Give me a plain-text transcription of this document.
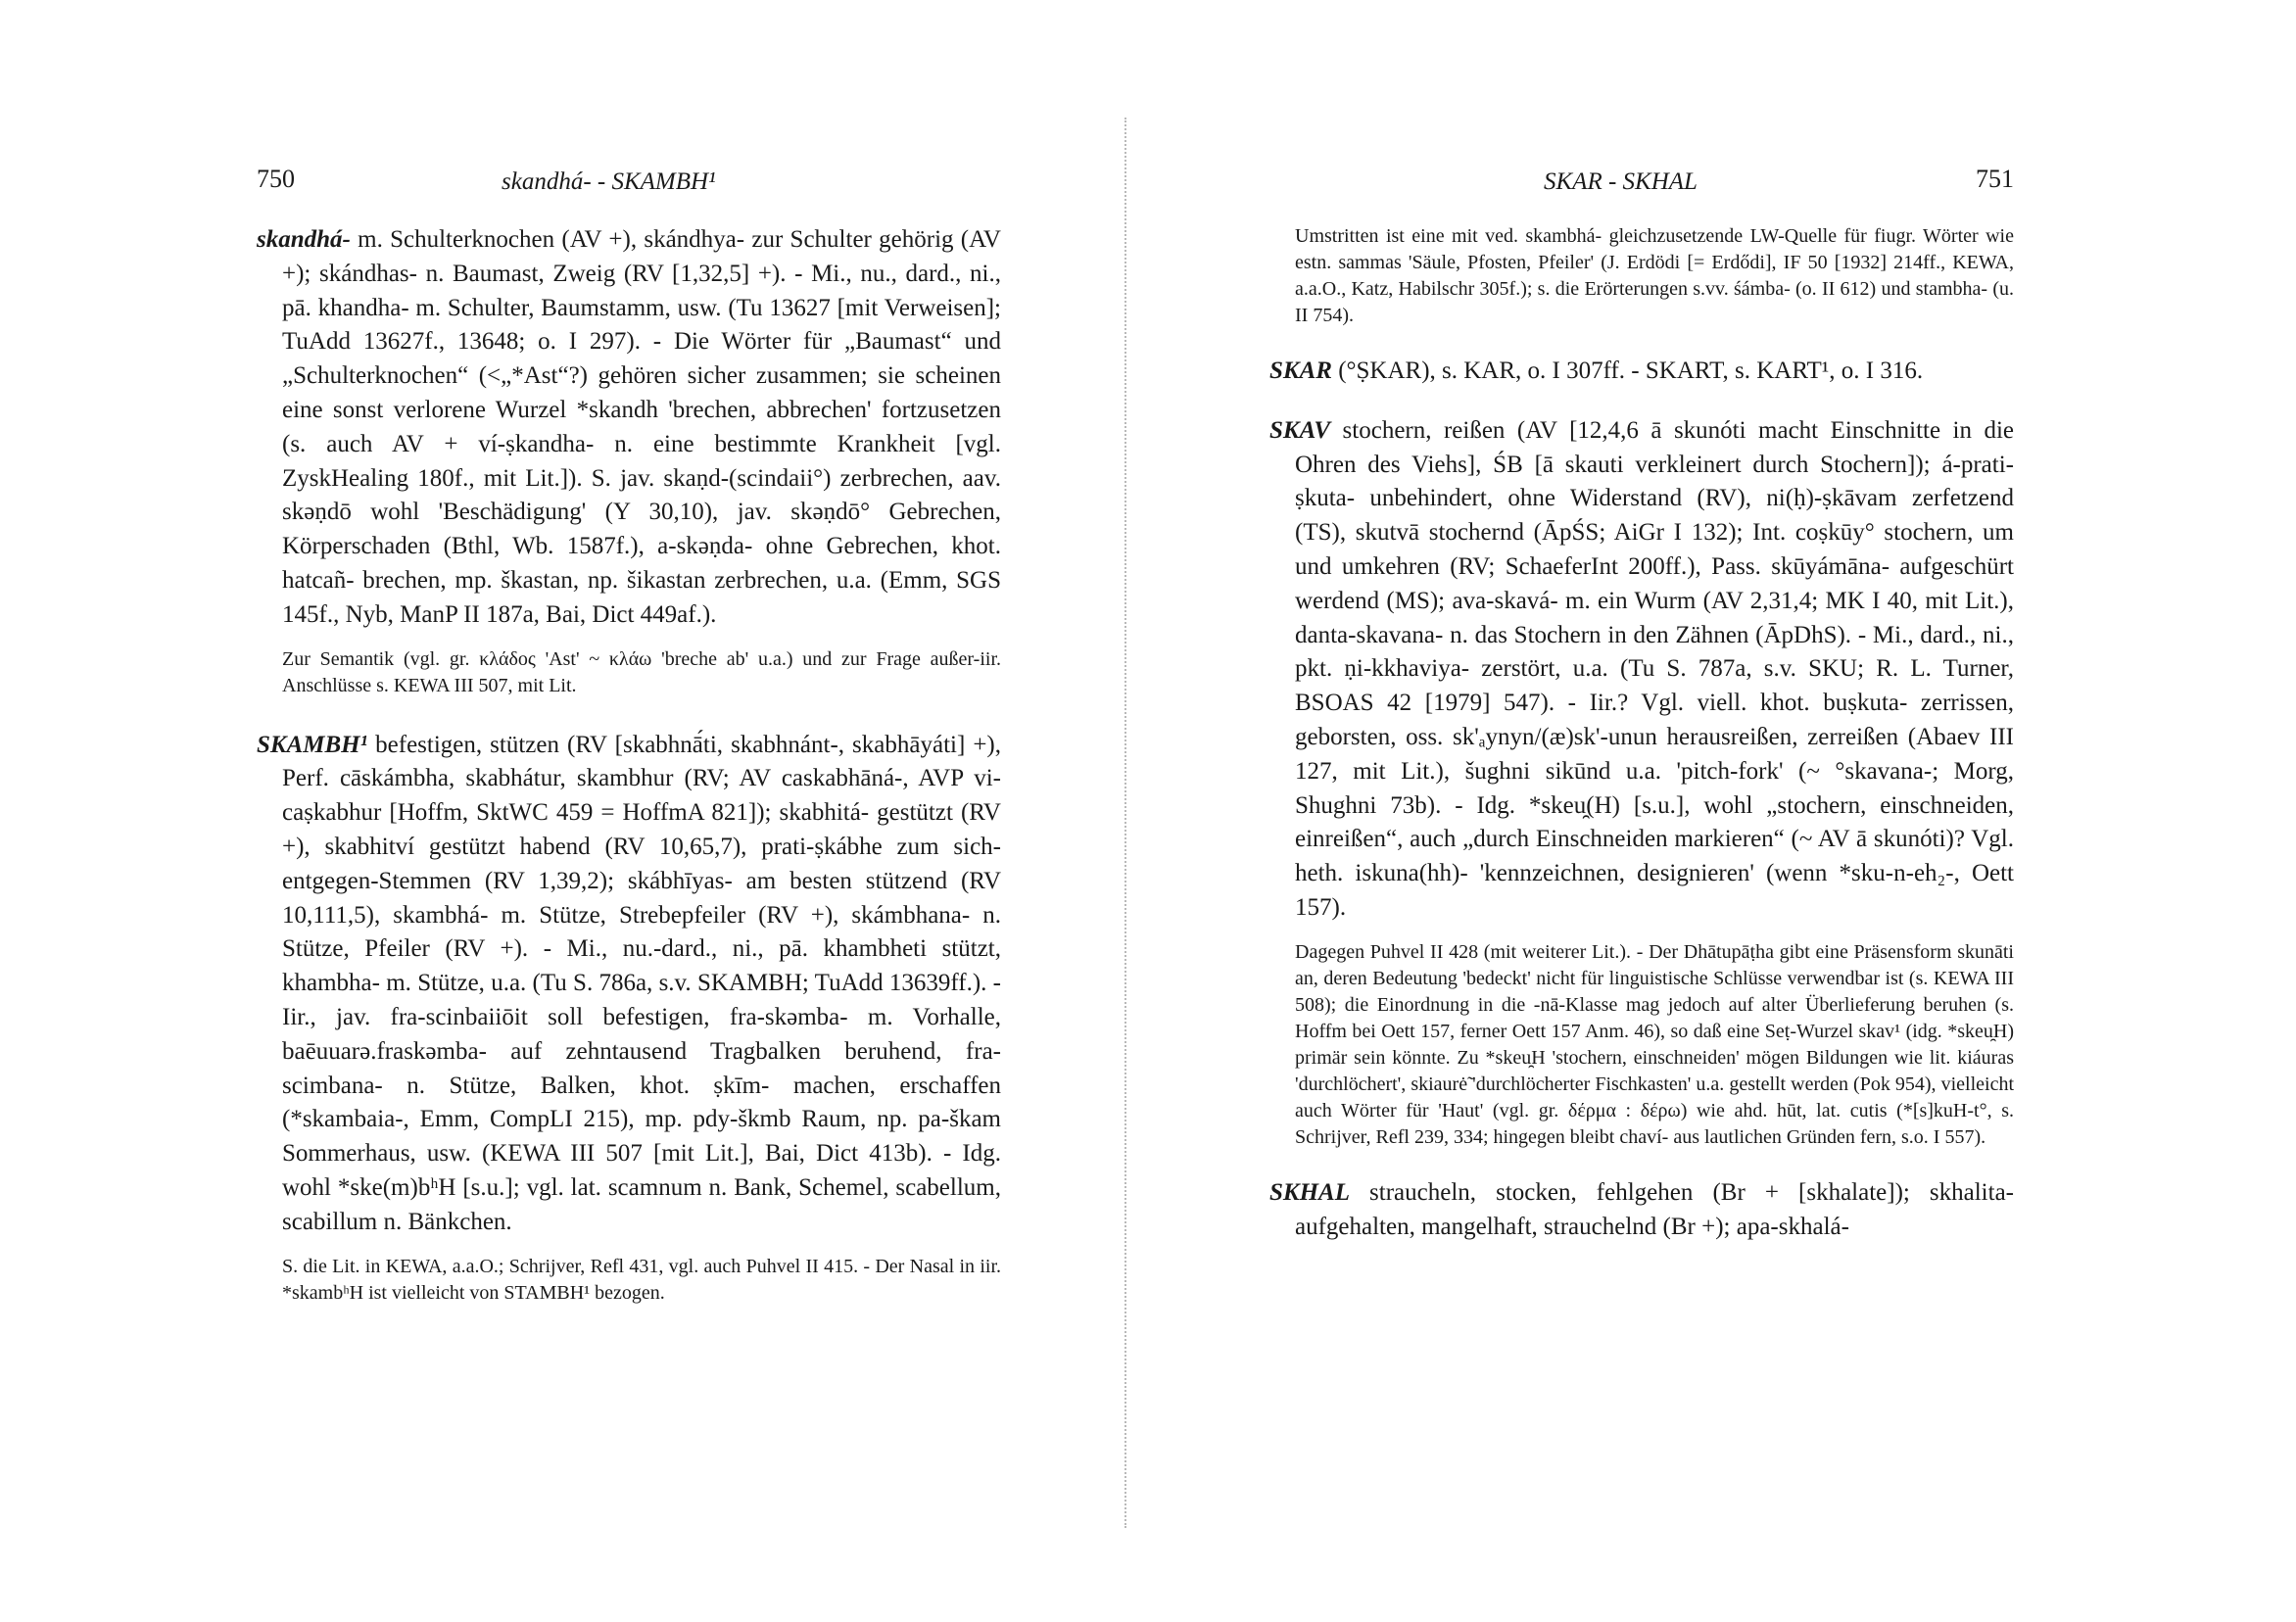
750	skandhá- - SKAMBH¹

skandhá- m. Schulterknochen (AV +), skándhya- zur Schulter gehörig (AV +); skándhas- n. Baumast, Zweig (RV [1,32,5] +). - Mi., nu., dard., ni., pā. khandha- m. Schulter, Baumstamm, usw. (Tu 13627 [mit Verweisen]; TuAdd 13627f., 13648; o. I 297). - Die Wörter für „Baumast“ und „Schulterknochen“ (<„*Ast“?) gehören sicher zusammen; sie scheinen eine sonst verlorene Wurzel *skandh 'brechen, abbrechen' fortzusetzen (s. auch AV + ví-ṣkandha- n. eine bestimmte Krankheit [vgl. ZyskHealing 180f., mit Lit.]). S. jav. skaṇd-(scindaii°) zerbrechen, aav. skəṇdō wohl 'Beschädigung' (Y 30,10), jav. skəṇdō° Gebrechen, Körperschaden (Bthl, Wb. 1587f.), a-skəṇda- ohne Gebrechen, khot. hatcañ- brechen, mp. škastan, np. šikastan zerbrechen, u.a. (Emm, SGS 145f., Nyb, ManP II 187a, Bai, Dict 449af.).

Zur Semantik (vgl. gr. κλάδος 'Ast' ~ κλάω 'breche ab' u.a.) und zur Frage außer-iir. Anschlüsse s. KEWA III 507, mit Lit.

SKAMBH¹ befestigen, stützen (RV [skabhnā́ti, skabhnánt-, skabhāyáti] +), Perf. cāskámbha, skabhátur, skambhur (RV; AV caskabhāná-, AVP vi-caṣkabhur [Hoffm, SktWC 459 = HoffmA 821]); skabhitá- gestützt (RV +), skabhitví gestützt habend (RV 10,65,7), prati-ṣkábhe zum sich-entgegen-Stemmen (RV 1,39,2); skábhīyas- am besten stützend (RV 10,111,5), skambhá- m. Stütze, Strebepfeiler (RV +), skámbhana- n. Stütze, Pfeiler (RV +). - Mi., nu.-dard., ni., pā. khambheti stützt, khambha- m. Stütze, u.a. (Tu S. 786a, s.v. SKAMBH; TuAdd 13639ff.). - Iir., jav. fra-scinbaiiōit soll befestigen, fra-skəmba- m. Vorhalle, baēuuarə.fraskəmba- auf zehntausend Tragbalken beruhend, fra-scimbana- n. Stütze, Balken, khot. ṣkīm- machen, erschaffen (*skambaia-, Emm, CompLI 215), mp. pdy-škmb Raum, np. pa-škam Sommerhaus, usw. (KEWA III 507 [mit Lit.], Bai, Dict 413b). - Idg. wohl *ske(m)bʰH [s.u.]; vgl. lat. scamnum n. Bank, Schemel, scabellum, scabillum n. Bänkchen.

S. die Lit. in KEWA, a.a.O.; Schrijver, Refl 431, vgl. auch Puhvel II 415. - Der Nasal in iir. *skambʰH ist vielleicht von STAMBH¹ bezogen.

SKAR - SKHAL	751

Umstritten ist eine mit ved. skambhá- gleichzusetzende LW-Quelle für fiugr. Wörter wie estn. sammas 'Säule, Pfosten, Pfeiler' (J. Erdödi [= Erdődi], IF 50 [1932] 214ff., KEWA, a.a.O., Katz, Habilschr 305f.); s. die Erörterungen s.vv. śámba- (o. II 612) und stambha- (u. II 754).

SKAR (°ṢKAR), s. KAR, o. I 307ff. - SKART, s. KART¹, o. I 316.

SKAV stochern, reißen (AV [12,4,6 ā skunóti macht Einschnitte in die Ohren des Viehs], ŚB [ā skauti verkleinert durch Stochern]); á-prati-ṣkuta- unbehindert, ohne Widerstand (RV), ni(ḥ)-ṣkāvam zerfetzend (TS), skutvā stochernd (ĀpŚS; AiGr I 132); Int. coṣkūy° stochern, um und umkehren (RV; SchaeferInt 200ff.), Pass. skūyámāna- aufgeschürt werdend (MS); ava-skavá- m. ein Wurm (AV 2,31,4; MK I 40, mit Lit.), danta-skavana- n. das Stochern in den Zähnen (ĀpDhS). - Mi., dard., ni., pkt. ṇi-kkhaviya- zerstört, u.a. (Tu S. 787a, s.v. SKU; R. L. Turner, BSOAS 42 [1979] 547). - Iir.? Vgl. viell. khot. buṣkuta- zerrissen, geborsten, oss. sk'ₐynyn/(æ)sk'-unun herausreißen, zerreißen (Abaev III 127, mit Lit.), šughni sikūnd u.a. 'pitch-fork' (~ °skavana-; Morg, Shughni 73b). - Idg. *skeu̯(H) [s.u.], wohl „stochern, einschneiden, einreißen“, auch „durch Einschneiden markieren“ (~ AV ā skunóti)? Vgl. heth. iskuna(hh)- 'kennzeichnen, designieren' (wenn *sku-n-eh₂-, Oett 157).

Dagegen Puhvel II 428 (mit weiterer Lit.). - Der Dhātupāṭha gibt eine Präsensform skunāti an, deren Bedeutung 'bedeckt' nicht für linguistische Schlüsse verwendbar ist (s. KEWA III 508); die Einordnung in die -nā-Klasse mag jedoch auf alter Überlieferung beruhen (s. Hoffm bei Oett 157, ferner Oett 157 Anm. 46), so daß eine Seṭ-Wurzel skav¹ (idg. *skeu̯H) primär sein könnte. Zu *skeu̯H 'stochern, einschneiden' mögen Bildungen wie lit. kiáuras 'durchlöchert', skiaurė̃ 'durchlöcherter Fischkasten' u.a. gestellt werden (Pok 954), vielleicht auch Wörter für 'Haut' (vgl. gr. δέρμα : δέρω) wie ahd. hūt, lat. cutis (*[s]kuH-t°, s. Schrijver, Refl 239, 334; hingegen bleibt chaví- aus lautlichen Gründen fern, s.o. I 557).

SKHAL straucheln, stocken, fehlgehen (Br + [skhalate]); skhalita- aufgehalten, mangelhaft, strauchelnd (Br +); apa-skhalá-
